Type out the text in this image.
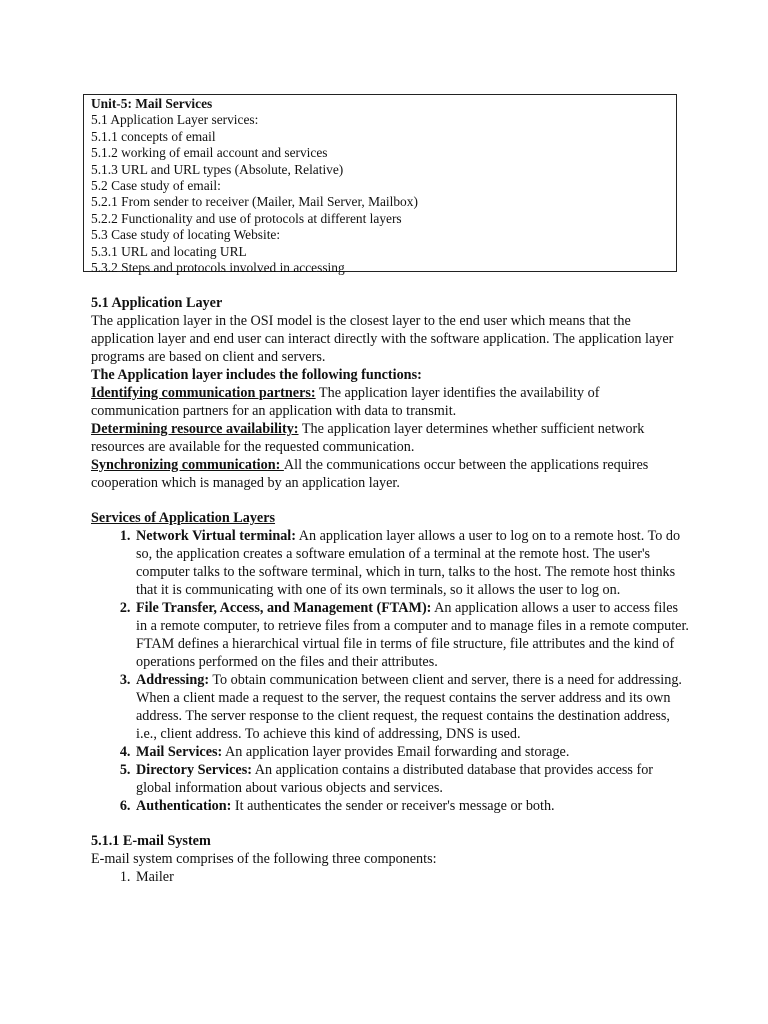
Unit-5: Mail Services
5.1 Application Layer services:
5.1.1 concepts of email
5.1.2 working of email account and services
5.1.3 URL and URL types (Absolute, Relative)
5.2 Case study of email:
5.2.1 From sender to receiver (Mailer, Mail Server, Mailbox)
5.2.2 Functionality and use of protocols at different layers
5.3 Case study of locating Website:
5.3.1 URL and locating URL
5.3.2 Steps and protocols involved in accessing

5.1 Application Layer

The application layer in the OSI model is the closest layer to the end user which means that the application layer and end user can interact directly with the software application. The application layer programs are based on client and servers.

The Application layer includes the following functions:

Identifying communication partners: The application layer identifies the availability of communication partners for an application with data to transmit.

Determining resource availability: The application layer determines whether sufficient network resources are available for the requested communication.

Synchronizing communication: All the communications occur between the applications requires cooperation which is managed by an application layer.

Services of Application Layers

1. Network Virtual terminal: An application layer allows a user to log on to a remote host. To do so, the application creates a software emulation of a terminal at the remote host. The user's computer talks to the software terminal, which in turn, talks to the host. The remote host thinks that it is communicating with one of its own terminals, so it allows the user to log on.
2. File Transfer, Access, and Management (FTAM): An application allows a user to access files in a remote computer, to retrieve files from a computer and to manage files in a remote computer. FTAM defines a hierarchical virtual file in terms of file structure, file attributes and the kind of operations performed on the files and their attributes.
3. Addressing: To obtain communication between client and server, there is a need for addressing. When a client made a request to the server, the request contains the server address and its own address. The server response to the client request, the request contains the destination address, i.e., client address. To achieve this kind of addressing, DNS is used.
4. Mail Services: An application layer provides Email forwarding and storage.
5. Directory Services: An application contains a distributed database that provides access for global information about various objects and services.
6. Authentication: It authenticates the sender or receiver's message or both.

5.1.1 E-mail System

E-mail system comprises of the following three components:

1. Mailer
